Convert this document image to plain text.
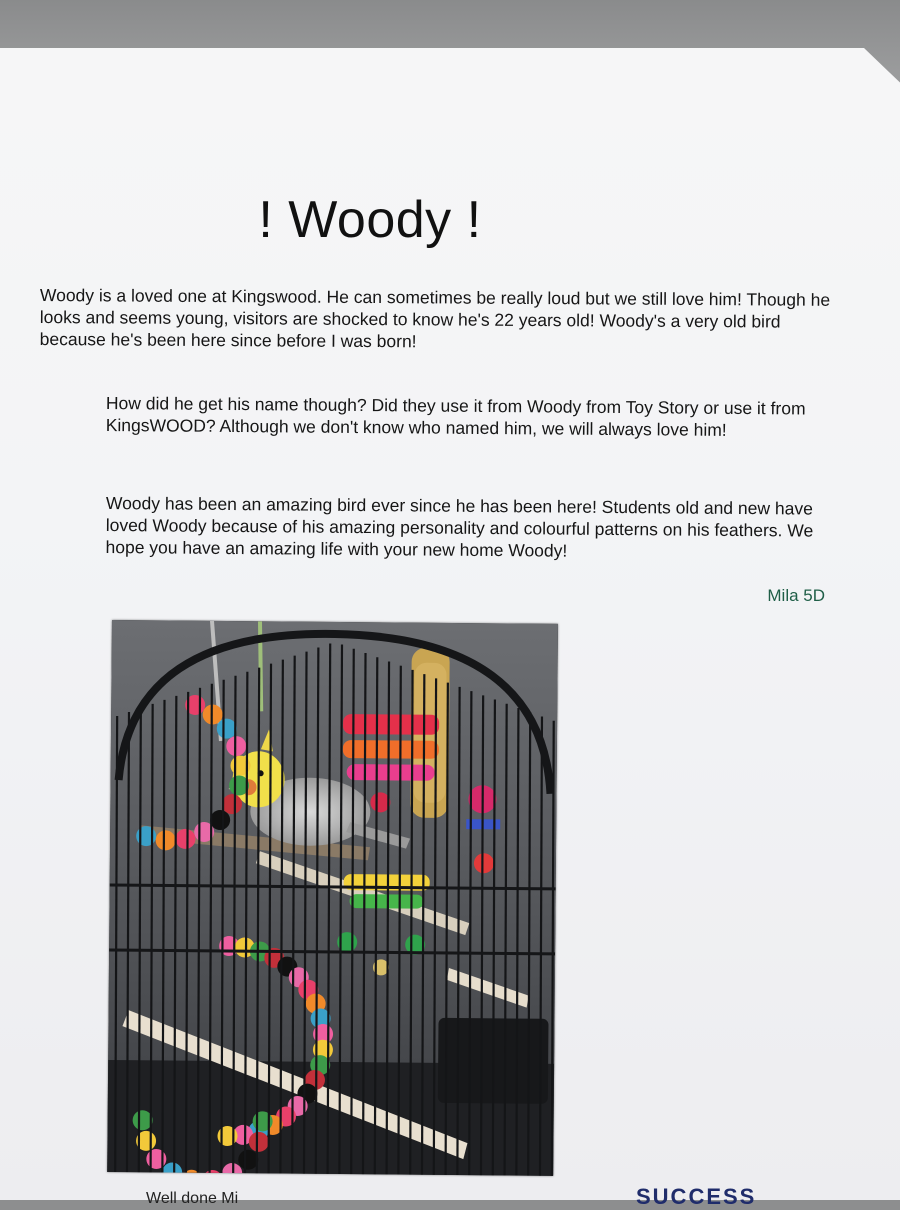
! Woody !
Woody is a loved one at Kingswood. He can sometimes be really loud but we still love him! Though he looks and seems young, visitors are shocked to know he's 22 years old! Woody's a very old bird because he's been here since before I was born!
How did he get his name though? Did they use it from Woody from Toy Story or use it from KingsWOOD? Although we don't know who named him, we will always love him!
Woody has been an amazing bird ever since he has been here! Students old and new have loved Woody because of his amazing personality and colourful patterns on his feathers. We hope you have an amazing life with your new home Woody!
Mila 5D
Well done Mi	SUCCESS
